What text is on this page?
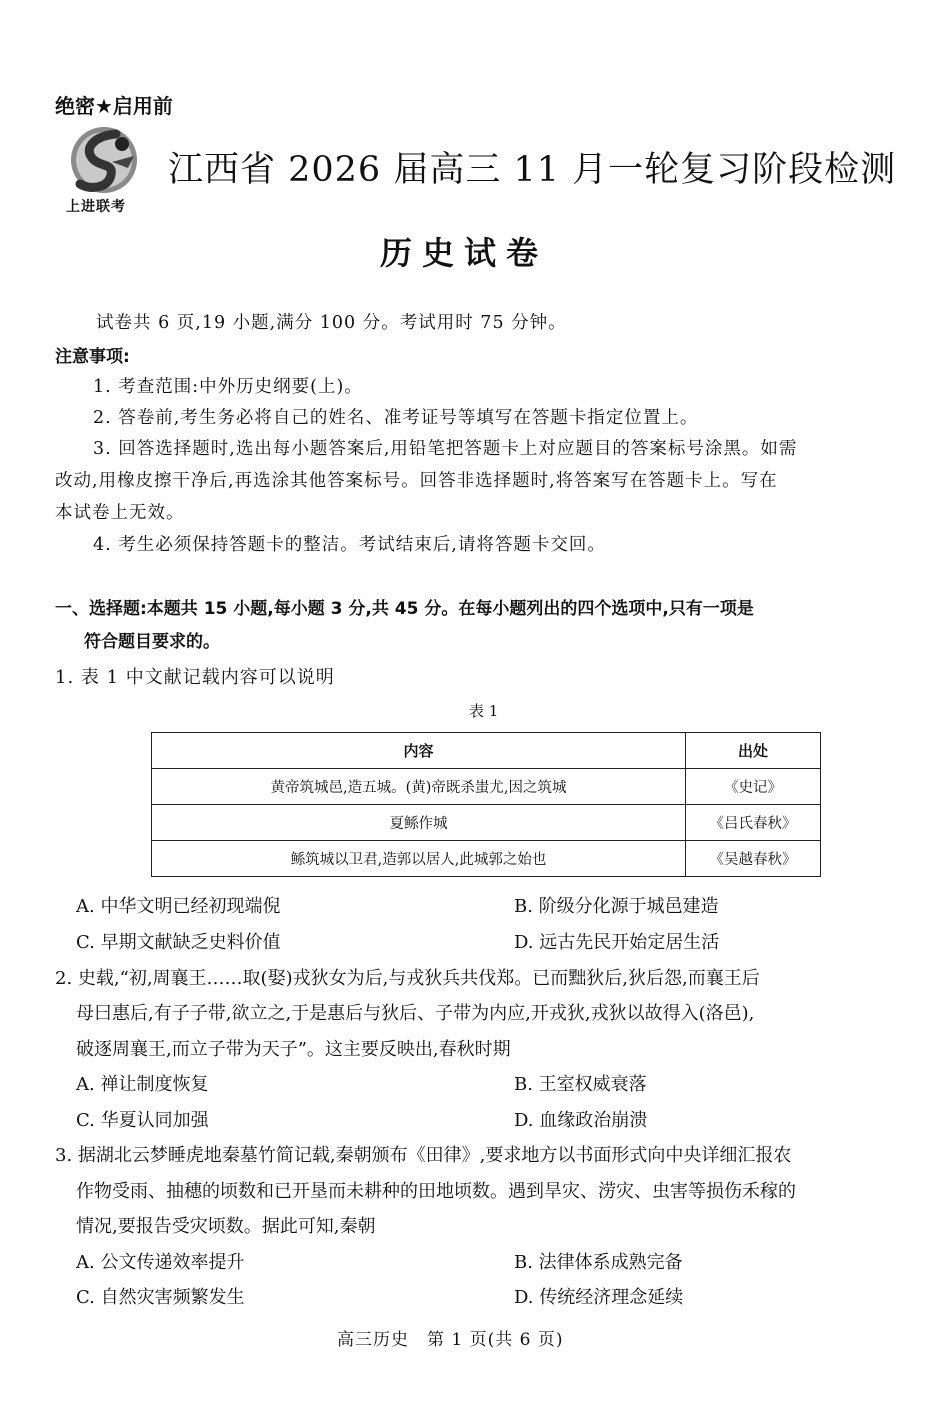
绝密★启用前
上进联考
江西省 2026 届高三 11 月一轮复习阶段检测
历史试卷
试卷共 6 页,19 小题,满分 100 分。考试用时 75 分钟。
注意事项:
1. 考查范围:中外历史纲要(上)。
2. 答卷前,考生务必将自己的姓名、准考证号等填写在答题卡指定位置上。
3. 回答选择题时,选出每小题答案后,用铅笔把答题卡上对应题目的答案标号涂黑。如需
改动,用橡皮擦干净后,再选涂其他答案标号。回答非选择题时,将答案写在答题卡上。写在
本试卷上无效。
4. 考生必须保持答题卡的整洁。考试结束后,请将答题卡交回。
一、选择题:本题共 15 小题,每小题 3 分,共 45 分。在每小题列出的四个选项中,只有一项是
符合题目要求的。
1. 表 1 中文献记载内容可以说明
表 1
内容	出处
黄帝筑城邑,造五城。(黄)帝既杀蚩尤,因之筑城	《史记》
夏鲧作城	《吕氏春秋》
鲧筑城以卫君,造郭以居人,此城郭之始也	《吴越春秋》
A. 中华文明已经初现端倪	B. 阶级分化源于城邑建造
C. 早期文献缺乏史料价值	D. 远古先民开始定居生活
2. 史载,“初,周襄王……取(娶)戎狄女为后,与戎狄兵共伐郑。已而黜狄后,狄后怨,而襄王后
母曰惠后,有子子带,欲立之,于是惠后与狄后、子带为内应,开戎狄,戎狄以故得入(洛邑),
破逐周襄王,而立子带为天子”。这主要反映出,春秋时期
A. 禅让制度恢复	B. 王室权威衰落
C. 华夏认同加强	D. 血缘政治崩溃
3. 据湖北云梦睡虎地秦墓竹简记载,秦朝颁布《田律》,要求地方以书面形式向中央详细汇报农
作物受雨、抽穗的顷数和已开垦而未耕种的田地顷数。遇到旱灾、涝灾、虫害等损伤禾稼的
情况,要报告受灾顷数。据此可知,秦朝
A. 公文传递效率提升	B. 法律体系成熟完备
C. 自然灾害频繁发生	D. 传统经济理念延续
高三历史　第 1 页(共 6 页)
